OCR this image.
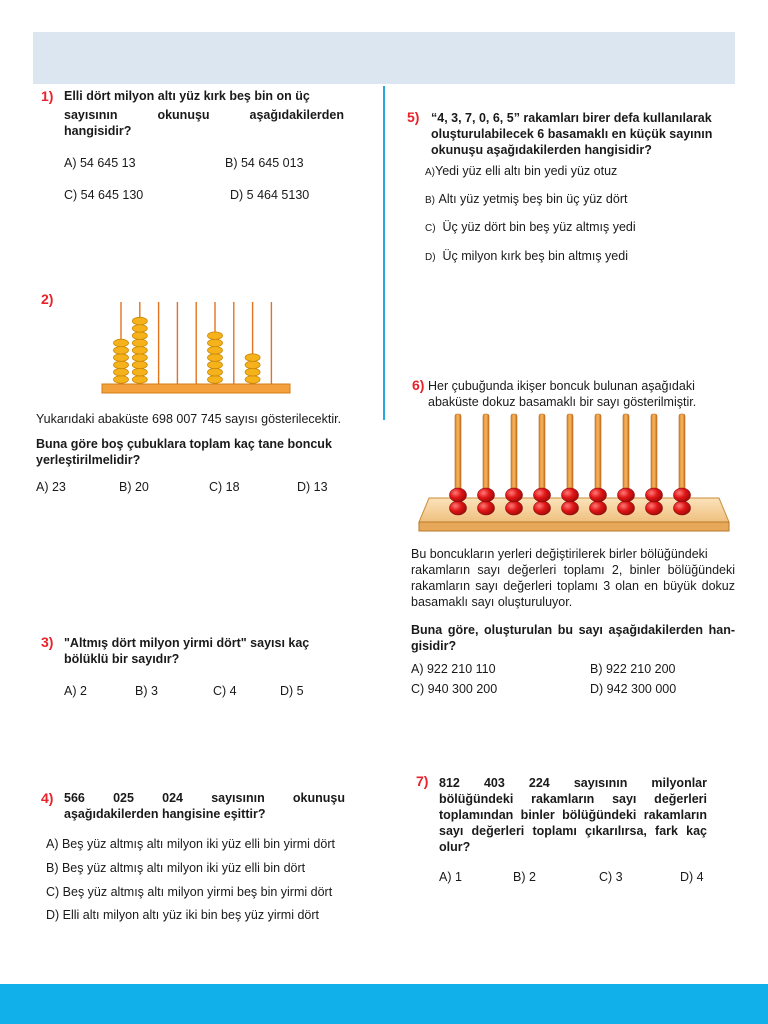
1) Elli dört milyon altı yüz kırk beş bin on üç
sayısının okunuşu aşağıdakilerden
hangisidir?
A) 54 645 13	B) 54 645 013
C) 54 645 130	D) 5 464 5130
2)
Yukarıdaki abaküste 698 007 745 sayısı gösterilecektir.
Buna göre boş çubuklara toplam kaç tane boncuk
yerleştirilmelidir?
A) 23	B) 20	C) 18	D) 13
3) "Altmış dört milyon yirmi dört" sayısı kaç
bölüklü bir sayıdır?
A) 2	B) 3	C) 4	D) 5
4) 566 025 024 sayısının okunuşu
aşağıdakilerden hangisine eşittir?
A) Beş yüz altmış altı milyon iki yüz elli bin yirmi dört
B) Beş yüz altmış altı milyon iki yüz elli bin dört
C) Beş yüz altmış altı milyon yirmi beş bin yirmi dört
D) Elli altı milyon altı yüz iki bin beş yüz yirmi dört
5) “4, 3, 7, 0, 6, 5” rakamları birer defa kullanılarak
oluşturulabilecek 6 basamaklı en küçük sayının
okunuşu aşağıdakilerden hangisidir?
A)Yedi yüz elli altı bin yedi yüz otuz
B) Altı yüz yetmiş beş bin üç yüz dört
C) Üç yüz dört bin beş yüz altmış yedi
D) Üç milyon kırk beş bin altmış yedi
6) Her çubuğunda ikişer boncuk bulunan aşağıdaki
abaküste dokuz basamaklı bir sayı gösterilmiştir.
Bu boncukların yerleri değiştirilerek birler bölüğündeki
rakamların sayı değerleri toplamı 2, binler bölüğündeki
rakamların sayı değerleri toplamı 3 olan en büyük dokuz
basamaklı sayı oluşturuluyor.
Buna göre, oluşturulan bu sayı aşağıdakilerden han-
gisidir?
A) 922 210 110	B) 922 210 200
C) 940 300 200	D) 942 300 000
7) 812 403 224 sayısının milyonlar
bölüğündeki rakamların sayı değerleri
toplamından binler bölüğündeki rakamların
sayı değerleri toplamı çıkarılırsa, fark kaç
olur?
A) 1	B) 2	C) 3	D) 4
